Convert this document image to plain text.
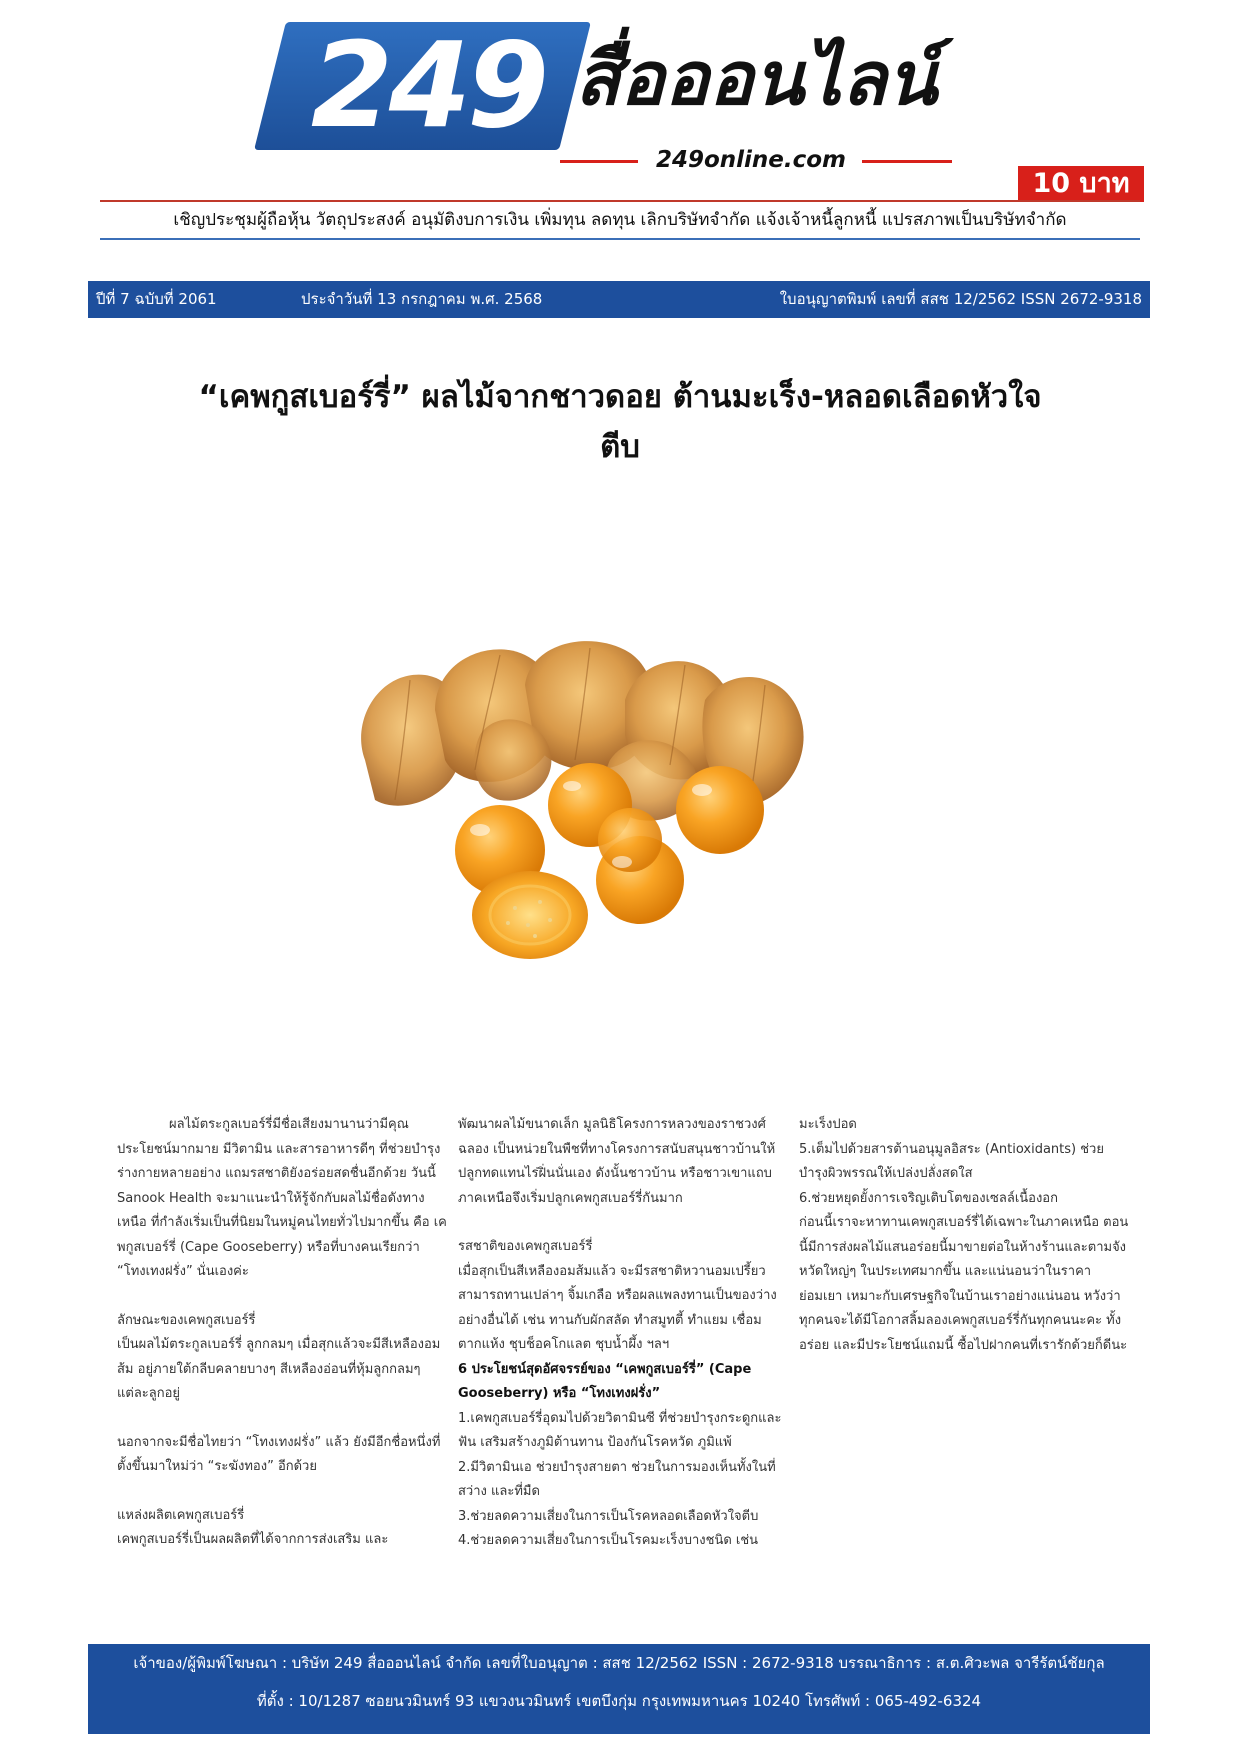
249 สื่อออนไลน์
249online.com
10 บาท
เชิญประชุมผู้ถือหุ้น วัตถุประสงค์ อนุมัติงบการเงิน เพิ่มทุน ลดทุน เลิกบริษัทจำกัด แจ้งเจ้าหนี้ลูกหนี้ แปรสภาพเป็นบริษัทจำกัด
ปีที่ 7 ฉบับที่ 2061	ประจำวันที่ 13 กรกฎาคม พ.ศ. 2568	ใบอนุญาตพิมพ์ เลขที่ สสช 12/2562 ISSN 2672-9318
“เคพกูสเบอร์รี่” ผลไม้จากชาวดอย ต้านมะเร็ง-หลอดเลือดหัวใจ
ตีบ

ผลไม้ตระกูลเบอร์รี่มีชื่อเสียงมานานว่ามีคุณประโยชน์มากมาย มีวิตามิน และสารอาหารดีๆ ที่ช่วยบำรุงร่างกายหลายอย่าง แถมรสชาติยังอร่อยสดชื่นอีกด้วย วันนี้ Sanook Health จะมาแนะนำให้รู้จักกับผลไม้ชื่อดังทางเหนือ ที่กำลังเริ่มเป็นที่นิยมในหมู่คนไทยทั่วไปมากขึ้น คือ เคพกูสเบอร์รี่ (Cape Gooseberry) หรือที่บางคนเรียกว่า “โทงเทงฝรั่ง” นั่นเองค่ะ

ลักษณะของเคพกูสเบอร์รี่

เป็นผลไม้ตระกูลเบอร์รี่ ลูกกลมๆ เมื่อสุกแล้วจะมีสีเหลืองอมส้ม อยู่ภายใต้กลีบคลายบางๆ สีเหลืองอ่อนที่หุ้มลูกกลมๆ แต่ละลูกอยู่

นอกจากจะมีชื่อไทยว่า “โทงเทงฝรั่ง” แล้ว ยังมีอีกชื่อหนึ่งที่ตั้งขึ้นมาใหม่ว่า “ระฆังทอง” อีกด้วย

แหล่งผลิตเคพกูสเบอร์รี่

เคพกูสเบอร์รี่เป็นผลผลิตที่ได้จากการส่งเสริม และ

พัฒนาผลไม้ขนาดเล็ก มูลนิธิโครงการหลวงของราชวงศ์ฉลอง เป็นหน่วยในพืชที่ทางโครงการสนับสนุนชาวบ้านให้ปลูกทดแทนไร่ฝิ่นนั่นเอง ดังนั้นชาวบ้าน หรือชาวเขาแถบภาคเหนือจึงเริ่มปลูกเคพกูสเบอร์รี่กันมาก

รสชาติของเคพกูสเบอร์รี่

เมื่อสุกเป็นสีเหลืองอมส้มแล้ว จะมีรสชาติหวานอมเปรี้ยว สามารถทานเปล่าๆ จิ้มเกลือ หรือผลแพลงทานเป็นของว่างอย่างอื่นได้ เช่น ทานกับผักสลัด ทำสมูทตี้ ทำแยม เชื่อม ตากแห้ง ชุบช็อคโกแลต ชุบน้ำผึ้ง ฯลฯ

6 ประโยชน์สุดอัศจรรย์ของ “เคพกูสเบอร์รี่” (Cape Gooseberry) หรือ “โทงเทงฝรั่ง”

1.เคพกูสเบอร์รี่อุดมไปด้วยวิตามินซี ที่ช่วยบำรุงกระดูกและฟัน เสริมสร้างภูมิต้านทาน ป้องกันโรคหวัด ภูมิแพ้

2.มีวิตามินเอ ช่วยบำรุงสายตา ช่วยในการมองเห็นทั้งในที่สว่าง และที่มืด

3.ช่วยลดความเสี่ยงในการเป็นโรคหลอดเลือดหัวใจตีบ

4.ช่วยลดความเสี่ยงในการเป็นโรคมะเร็งบางชนิด เช่น

มะเร็งปอด

5.เต็มไปด้วยสารต้านอนุมูลอิสระ (Antioxidants) ช่วยบำรุงผิวพรรณให้เปล่งปลั่งสดใส

6.ช่วยหยุดยั้งการเจริญเติบโตของเซลล์เนื้องอก

ก่อนนี้เราจะหาทานเคพกูสเบอร์รี่ได้เฉพาะในภาคเหนือ ตอนนี้มีการส่งผลไม้แสนอร่อยนี้มาขายต่อในห้างร้านและตามจังหวัดใหญ่ๆ ในประเทศมากขึ้น และแน่นอนว่าในราคาย่อมเยา เหมาะกับเศรษฐกิจในบ้านเราอย่างแน่นอน หวังว่าทุกคนจะได้มีโอกาสลิ้มลองเคพกูสเบอร์รี่กันทุกคนนะคะ ทั้งอร่อย และมีประโยชน์แถมนี้ ซื้อไปฝากคนที่เรารักด้วยก็ดีนะ

เจ้าของ/ผู้พิมพ์โฆษณา : บริษัท 249 สื่อออนไลน์ จำกัด เลขที่ใบอนุญาต : สสช 12/2562 ISSN : 2672-9318 บรรณาธิการ : ส.ต.ศิวะพล จารีรัตน์ชัยกุล
ที่ตั้ง : 10/1287 ซอยนวมินทร์ 93 แขวงนวมินทร์ เขตบึงกุ่ม กรุงเทพมหานคร 10240 โทรศัพท์ : 065-492-6324
